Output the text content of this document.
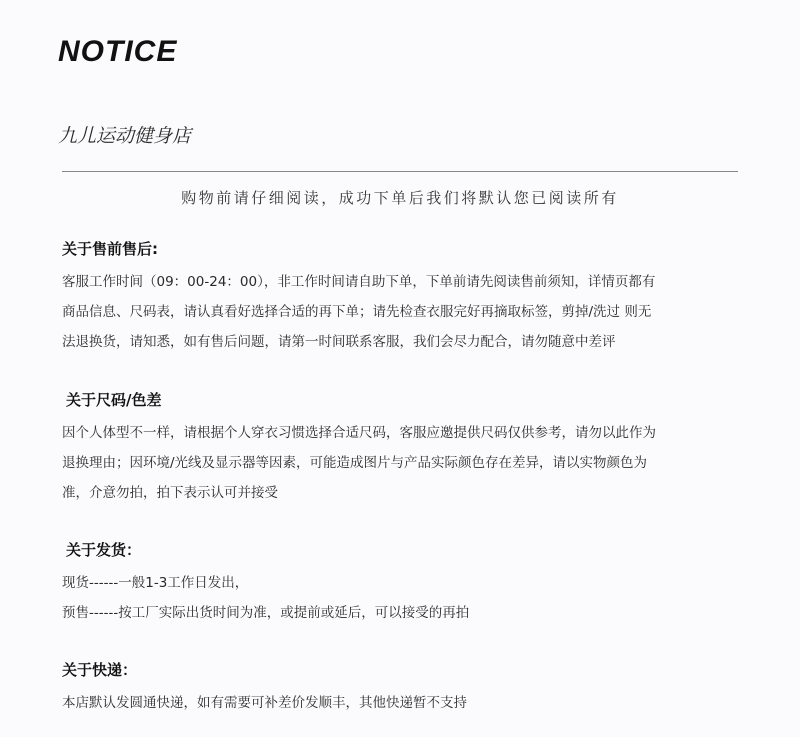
NOTICE
九儿运动健身店
购物前请仔细阅读，成功下单后我们将默认您已阅读所有
关于售前售后:
客服工作时间（09：00-24：00），非工作时间请自助下单，下单前请先阅读售前须知，详情页都有
商品信息、尺码表，请认真看好选择合适的再下单；请先检查衣服完好再摘取标签，剪掉/洗过 则无
法退换货，请知悉，如有售后问题，请第一时间联系客服，我们会尽力配合，请勿随意中差评
关于尺码/色差
因个人体型不一样，请根据个人穿衣习惯选择合适尺码，客服应邀提供尺码仅供参考，请勿以此作为
退换理由；因环境/光线及显示器等因素，可能造成图片与产品实际颜色存在差异，请以实物颜色为
准，介意勿拍，拍下表示认可并接受
关于发货：
现货------一般1-3工作日发出，
预售------按工厂实际出货时间为准，或提前或延后，可以接受的再拍
关于快递：
本店默认发圆通快递，如有需要可补差价发顺丰，其他快递暂不支持
